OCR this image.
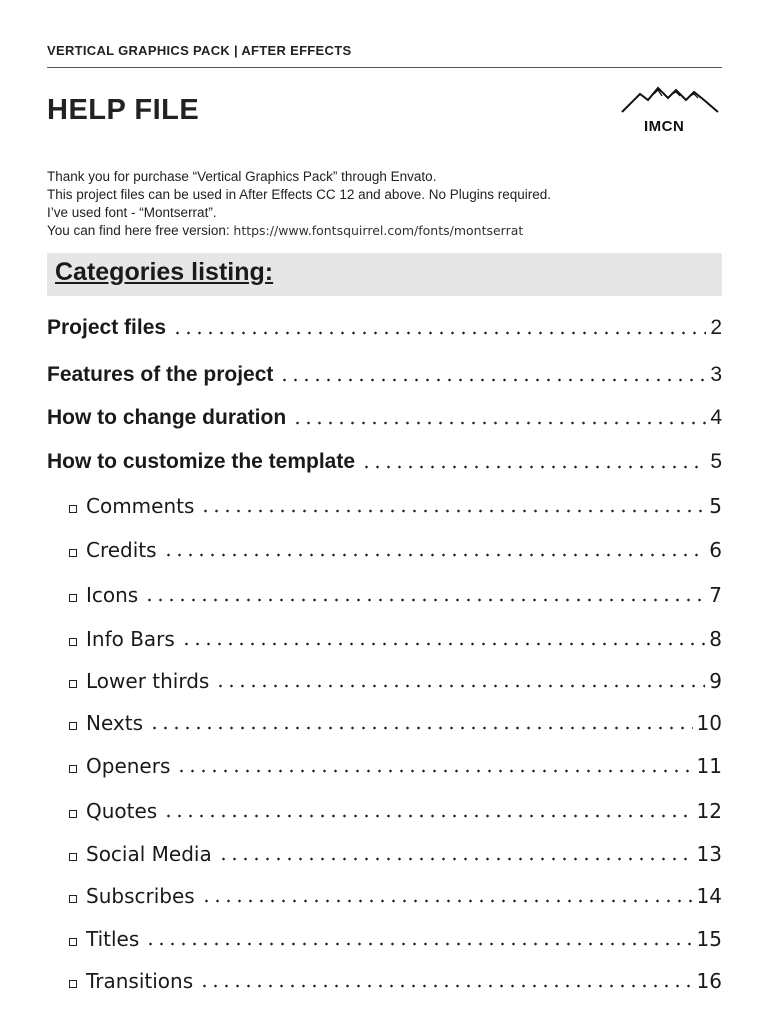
VERTICAL GRAPHICS PACK | AFTER EFFECTS
HELP FILE
IMCN
Thank you for purchase “Vertical Graphics Pack” through Envato.
This project files can be used in After Effects CC 12 and above. No Plugins required.
I’ve used font - “Montserrat”.
You can find here free version: https://www.fontsquirrel.com/fonts/montserrat
Categories listing:
Project files	2
Features of the project	3
How to change duration	4
How to customize the template	5
Comments	5
Credits	6
Icons	7
Info Bars	8
Lower thirds	9
Nexts	10
Openers	11
Quotes	12
Social Media	13
Subscribes	14
Titles	15
Transitions	16
